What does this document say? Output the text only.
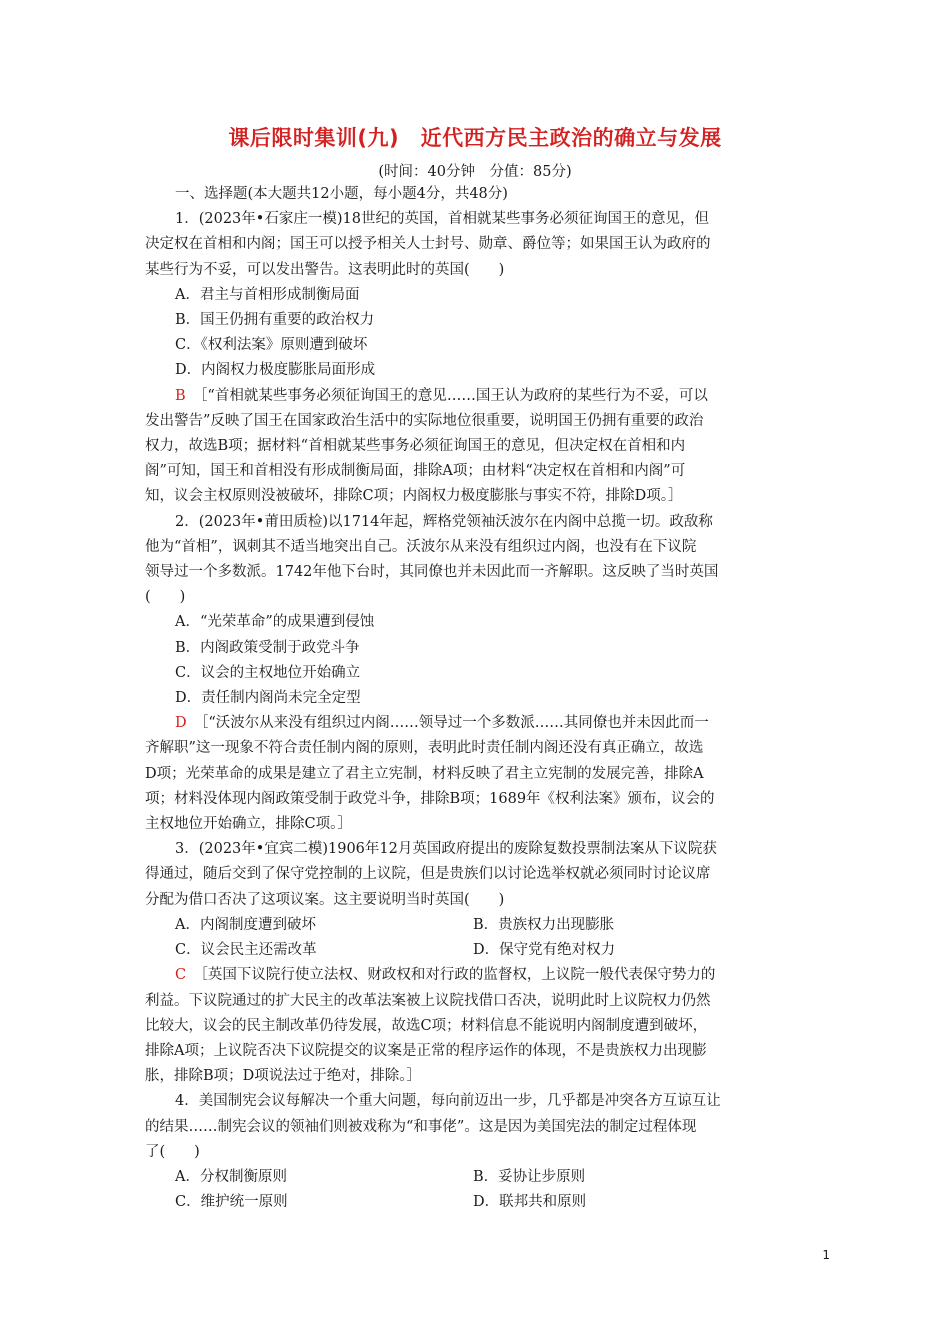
课后限时集训(九)　近代西方民主政治的确立与发展
(时间：40分钟　分值：85分)
一、选择题(本大题共12小题，每小题4分，共48分)
1．(2023年•石家庄一模)18世纪的英国，首相就某些事务必须征询国王的意见，但
决定权在首相和内阁；国王可以授予相关人士封号、勋章、爵位等；如果国王认为政府的
某些行为不妥，可以发出警告。这表明此时的英国(　　)
A．君主与首相形成制衡局面
B．国王仍拥有重要的政治权力
C．《权利法案》原则遭到破坏
D．内阁权力极度膨胀局面形成
B　 ［“首相就某些事务必须征询国王的意见……国王认为政府的某些行为不妥，可以
发出警告”反映了国王在国家政治生活中的实际地位很重要，说明国王仍拥有重要的政治
权力，故选B项；据材料“首相就某些事务必须征询国王的意见，但决定权在首相和内
阁”可知，国王和首相没有形成制衡局面，排除A项；由材料“决定权在首相和内阁”可
知，议会主权原则没被破坏，排除C项；内阁权力极度膨胀与事实不符，排除D项。］
2．(2023年•莆田质检)以1714年起，辉格党领袖沃波尔在内阁中总揽一切。政敌称
他为“首相”，讽刺其不适当地突出自己。沃波尔从来没有组织过内阁，也没有在下议院
领导过一个多数派。1742年他下台时，其同僚也并未因此而一齐解职。这反映了当时英国
(　　)
A．“光荣革命”的成果遭到侵蚀
B．内阁政策受制于政党斗争
C．议会的主权地位开始确立
D．责任制内阁尚未完全定型
D　 ［“沃波尔从来没有组织过内阁……领导过一个多数派……其同僚也并未因此而一
齐解职”这一现象不符合责任制内阁的原则，表明此时责任制内阁还没有真正确立，故选
D项；光荣革命的成果是建立了君主立宪制，材料反映了君主立宪制的发展完善，排除A
项；材料没体现内阁政策受制于政党斗争，排除B项；1689年《权利法案》颁布，议会的
主权地位开始确立，排除C项。］
3．(2023年•宜宾二模)1906年12月英国政府提出的废除复数投票制法案从下议院获
得通过，随后交到了保守党控制的上议院，但是贵族们以讨论选举权就必须同时讨论议席
分配为借口否决了这项议案。这主要说明当时英国(　　)
A．内阁制度遭到破坏	B．贵族权力出现膨胀
C．议会民主还需改革	D．保守党有绝对权力
C　 ［英国下议院行使立法权、财政权和对行政的监督权，上议院一般代表保守势力的
利益。下议院通过的扩大民主的改革法案被上议院找借口否决，说明此时上议院权力仍然
比较大，议会的民主制改革仍待发展，故选C项；材料信息不能说明内阁制度遭到破坏，
排除A项；上议院否决下议院提交的议案是正常的程序运作的体现，不是贵族权力出现膨
胀，排除B项；D项说法过于绝对，排除。］
4．美国制宪会议每解决一个重大问题，每向前迈出一步，几乎都是冲突各方互谅互让
的结果……制宪会议的领袖们则被戏称为“和事佬”。这是因为美国宪法的制定过程体现
了(　　)
A．分权制衡原则	B．妥协让步原则
C．维护统一原则	D．联邦共和原则
1
